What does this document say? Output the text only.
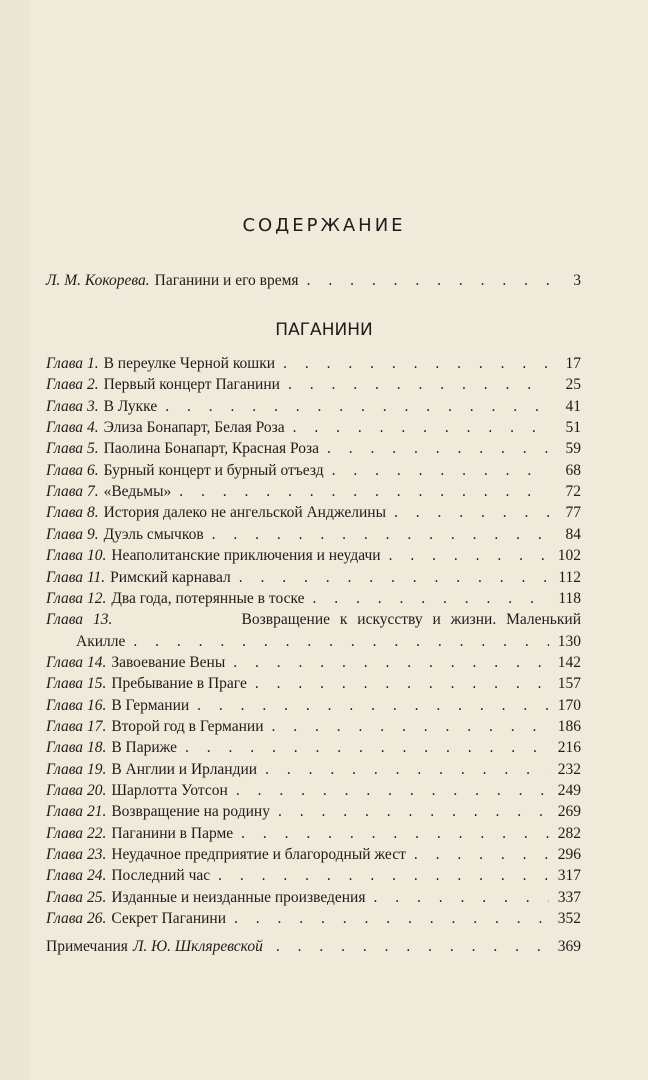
СОДЕРЖАНИЕ
Л. М. Кокорева. Паганини и его время . . .	3
ПАГАНИНИ
Глава 1. В переулке Черной кошки . . .	17
Глава 2. Первый концерт Паганини . . .	25
Глава 3. В Лукке . . .	41
Глава 4. Элиза Бонапарт, Белая Роза . . .	51
Глава 5. Паолина Бонапарт, Красная Роза . . .	59
Глава 6. Бурный концерт и бурный отъезд . . .	68
Глава 7. «Ведьмы» . . .	72
Глава 8. История далеко не ангельской Анджелины . . .	77
Глава 9. Дуэль смычков . . .	84
Глава 10. Неаполитанские приключения и неудачи . . .	102
Глава 11. Римский карнавал . . .	112
Глава 12. Два года, потерянные в тоске . . .	118
Глава 13.	Возвращение к искусству и жизни. Маленький
Акилле . . .	130
Глава 14. Завоевание Вены . . .	142
Глава 15. Пребывание в Праге . . .	157
Глава 16. В Германии . . .	170
Глава 17. Второй год в Германии . . .	186
Глава 18. В Париже . . .	216
Глава 19. В Англии и Ирландии . . .	232
Глава 20. Шарлотта Уотсон . . .	249
Глава 21. Возвращение на родину . . .	269
Глава 22. Паганини в Парме . . .	282
Глава 23. Неудачное предприятие и благородный жест . . .	296
Глава 24. Последний час . . .	317
Глава 25. Изданные и неизданные произведения . . .	337
Глава 26. Секрет Паганини . . .	352
Примечания Л. Ю. Шкляревской . . .	369
